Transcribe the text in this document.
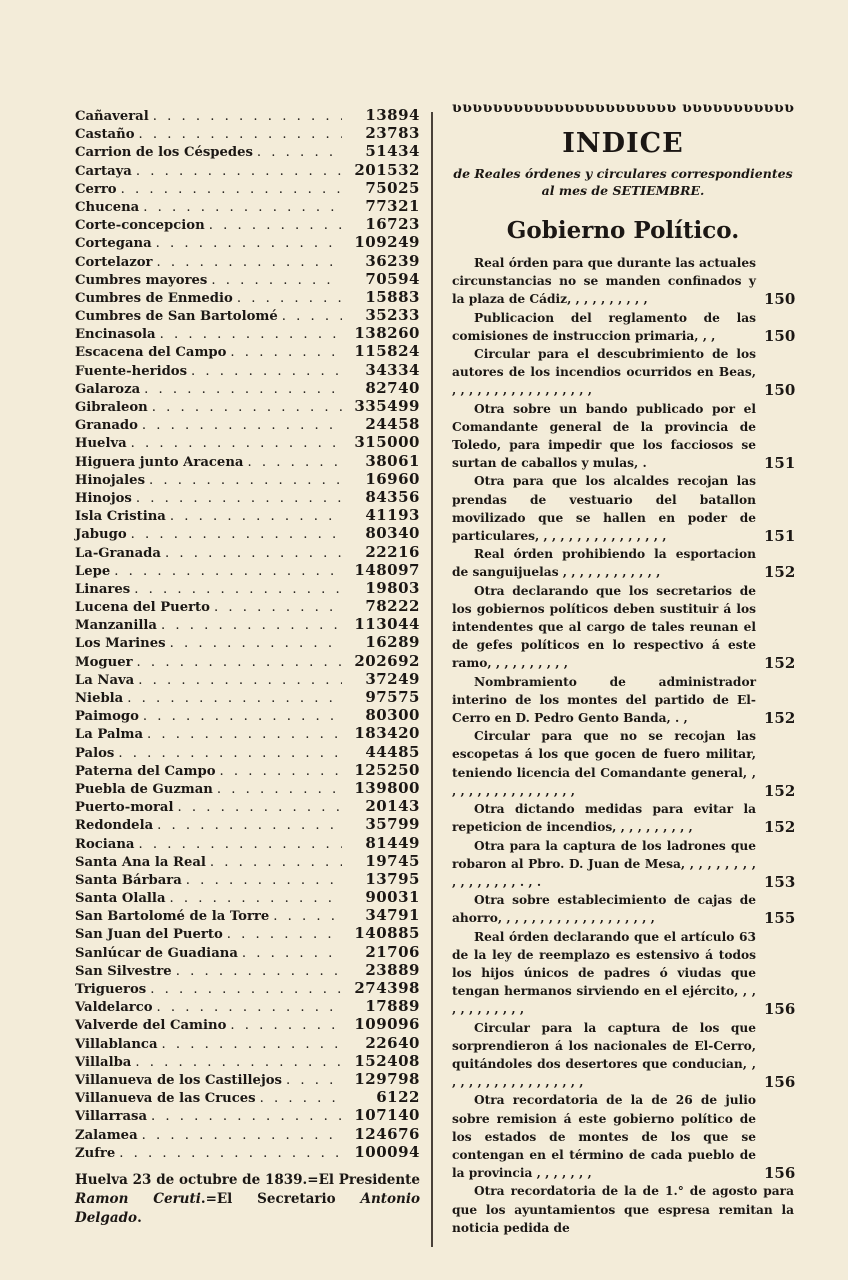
Cañaveral . . .	13894
Castaño . . .	23783
Carrion de los Céspedes . . .	51434
Cartaya . . .	201532
Cerro . . .	75025
Chucena . . .	77321
Corte-concepcion . . .	16723
Cortegana . . .	109249
Cortelazor . . .	36239
Cumbres mayores . . .	70594
Cumbres de Enmedio . . .	15883
Cumbres de San Bartolomé . . .	35233
Encinasola . . .	138260
Escacena del Campo . . .	115824
Fuente-heridos . . .	34334
Galaroza . . .	82740
Gibraleon . . .	335499
Granado . . .	24458
Huelva . . .	315000
Higuera junto Aracena . . .	38061
Hinojales . . .	16960
Hinojos . . .	84356
Isla Cristina . . .	41193
Jabugo . . .	80340
La-Granada . . .	22216
Lepe . . .	148097
Linares . . .	19803
Lucena del Puerto . . .	78222
Manzanilla . . .	113044
Los Marines . . .	16289
Moguer . . .	202692
La Nava . . .	37249
Niebla . . .	97575
Paimogo . . .	80300
La Palma . . .	183420
Palos . . .	44485
Paterna del Campo . . .	125250
Puebla de Guzman . . .	139800
Puerto-moral . . .	20143
Redondela . . .	35799
Rociana . . .	81449
Santa Ana la Real . . .	19745
Santa Bárbara . . .	13795
Santa Olalla . . .	90031
San Bartolomé de la Torre . . .	34791
San Juan del Puerto . . .	140885
Sanlúcar de Guadiana . . .	21706
San Silvestre . . .	23889
Trigueros . . .	274398
Valdelarco . . .	17889
Valverde del Camino . . .	109096
Villablanca . . .	22640
Villalba . . .	152408
Villanueva de los Castillejos . . .	129798
Villanueva de las Cruces . . .	6122
Villarrasa . . .	107140
Zalamea . . .	124676
Zufre . . .	100094
Huelva 23 de octubre de 1839.=El Presidente Ramon Ceruti.=El Secretario Antonio Delgado.
ʋʋʋʋʋʋʋʋʋʋʋʋʋʋʋʋʋʋʋʋʋʋ ʋʋʋʋʋʋʋʋʋʋʋ
INDICE
de Reales órdenes y circulares correspondientes al mes de SETIEMBRE.
Gobierno Político.
Real órden para que durante las actuales circunstancias no se manden confinados y la plaza de Cádiz, , , , , , , , , ,	150
Publicacion del reglamento de las comisiones de instruccion primaria, , ,	150
Circular para el descubrimiento de los autores de los incendios ocurridos en Beas, , , , , , , , , , , , , , , , , ,	150
Otra sobre un bando publicado por el Comandante general de la provincia de Toledo, para impedir que los facciosos se surtan de caballos y mulas, .	151
Otra para que los alcaldes recojan las prendas de vestuario del batallon movilizado que se hallen en poder de particulares, , , , , , , , , , , , , , , ,	151
Real órden prohibiendo la esportacion de sanguijuelas , , , , , , , , , , , ,	152
Otra declarando que los secretarios de los gobiernos políticos deben sustituir á los intendentes que al cargo de tales reunan el de gefes políticos en lo respectivo á este ramo, , , , , , , , , ,	152
Nombramiento de administrador interino de los montes del partido de El-Cerro en D. Pedro Gento Banda, . ,	152
Circular para que no se recojan las escopetas á los que gocen de fuero militar, teniendo licencia del Comandante general, , , , , , , , , , , , , , , , ,	152
Otra dictando medidas para evitar la repeticion de incendios, , , , , , , , , ,	152
Otra para la captura de los ladrones que robaron al Pbro. D. Juan de Mesa, , , , , , , , , , , , , , , , , . , .	153
Otra sobre establecimiento de cajas de ahorro, , , , , , , , , , , , , , , , , , ,	155
Real órden declarando que el artículo 63 de la ley de reemplazo es estensivo á todos los hijos únicos de padres ó viudas que tengan hermanos sirviendo en el ejército, , , , , , , , , , , ,	156
Circular para la captura de los que sorprendieron á los nacionales de El-Cerro, quitándoles dos desertores que conducian, , , , , , , , , , , , , , , , , ,	156
Otra recordatoria de la de 26 de julio sobre remision á este gobierno político de los estados de montes de los que se contengan en el término de cada pueblo de la provincia , , , , , , ,	156
Otra recordatoria de la de 1.° de agosto para que los ayuntamientos que espresa remitan la noticia pedida de
